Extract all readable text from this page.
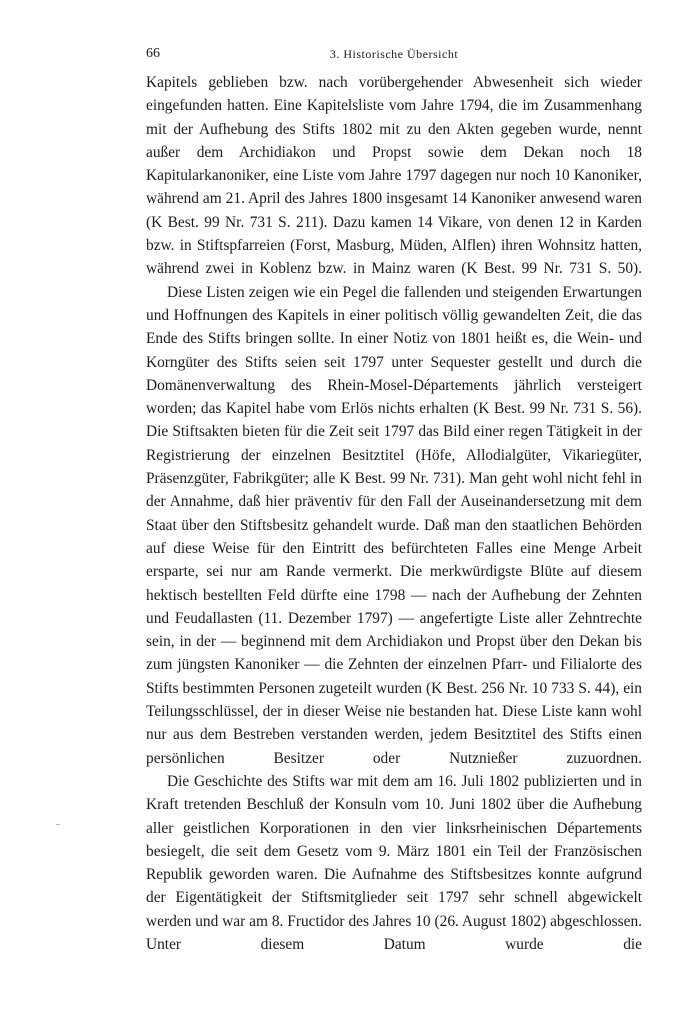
66	3. Historische Übersicht

Kapitels geblieben bzw. nach vorübergehender Abwesenheit sich wieder eingefunden hatten. Eine Kapitelsliste vom Jahre 1794, die im Zusammenhang mit der Aufhebung des Stifts 1802 mit zu den Akten gegeben wurde, nennt außer dem Archidiakon und Propst sowie dem Dekan noch 18 Kapitularkanoniker, eine Liste vom Jahre 1797 dagegen nur noch 10 Kanoniker, während am 21. April des Jahres 1800 insgesamt 14 Kanoniker anwesend waren (K Best. 99 Nr. 731 S. 211). Dazu kamen 14 Vikare, von denen 12 in Karden bzw. in Stiftspfarreien (Forst, Masburg, Müden, Alflen) ihren Wohnsitz hatten, während zwei in Koblenz bzw. in Mainz waren (K Best. 99 Nr. 731 S. 50).

Diese Listen zeigen wie ein Pegel die fallenden und steigenden Erwartungen und Hoffnungen des Kapitels in einer politisch völlig gewandelten Zeit, die das Ende des Stifts bringen sollte. In einer Notiz von 1801 heißt es, die Wein- und Korngüter des Stifts seien seit 1797 unter Sequester gestellt und durch die Domänenverwaltung des Rhein-Mosel-Départements jährlich versteigert worden; das Kapitel habe vom Erlös nichts erhalten (K Best. 99 Nr. 731 S. 56). Die Stiftsakten bieten für die Zeit seit 1797 das Bild einer regen Tätigkeit in der Registrierung der einzelnen Besitztitel (Höfe, Allodialgüter, Vikariegüter, Präsenzgüter, Fabrikgüter; alle K Best. 99 Nr. 731). Man geht wohl nicht fehl in der Annahme, daß hier präventiv für den Fall der Auseinandersetzung mit dem Staat über den Stiftsbesitz gehandelt wurde. Daß man den staatlichen Behörden auf diese Weise für den Eintritt des befürchteten Falles eine Menge Arbeit ersparte, sei nur am Rande vermerkt. Die merkwürdigste Blüte auf diesem hektisch bestellten Feld dürfte eine 1798 — nach der Aufhebung der Zehnten und Feudallasten (11. Dezember 1797) — angefertigte Liste aller Zehntrechte sein, in der — beginnend mit dem Archidiakon und Propst über den Dekan bis zum jüngsten Kanoniker — die Zehnten der einzelnen Pfarr- und Filialorte des Stifts bestimmten Personen zugeteilt wurden (K Best. 256 Nr. 10 733 S. 44), ein Teilungsschlüssel, der in dieser Weise nie bestanden hat. Diese Liste kann wohl nur aus dem Bestreben verstanden werden, jedem Besitztitel des Stifts einen persönlichen Besitzer oder Nutznießer zuzuordnen.

Die Geschichte des Stifts war mit dem am 16. Juli 1802 publizierten und in Kraft tretenden Beschluß der Konsuln vom 10. Juni 1802 über die Aufhebung aller geistlichen Korporationen in den vier linksrheinischen Départements besiegelt, die seit dem Gesetz vom 9. März 1801 ein Teil der Französischen Republik geworden waren. Die Aufnahme des Stiftsbesitzes konnte aufgrund der Eigentätigkeit der Stiftsmitglieder seit 1797 sehr schnell abgewickelt werden und war am 8. Fructidor des Jahres 10 (26. August 1802) abgeschlossen. Unter diesem Datum wurde die
